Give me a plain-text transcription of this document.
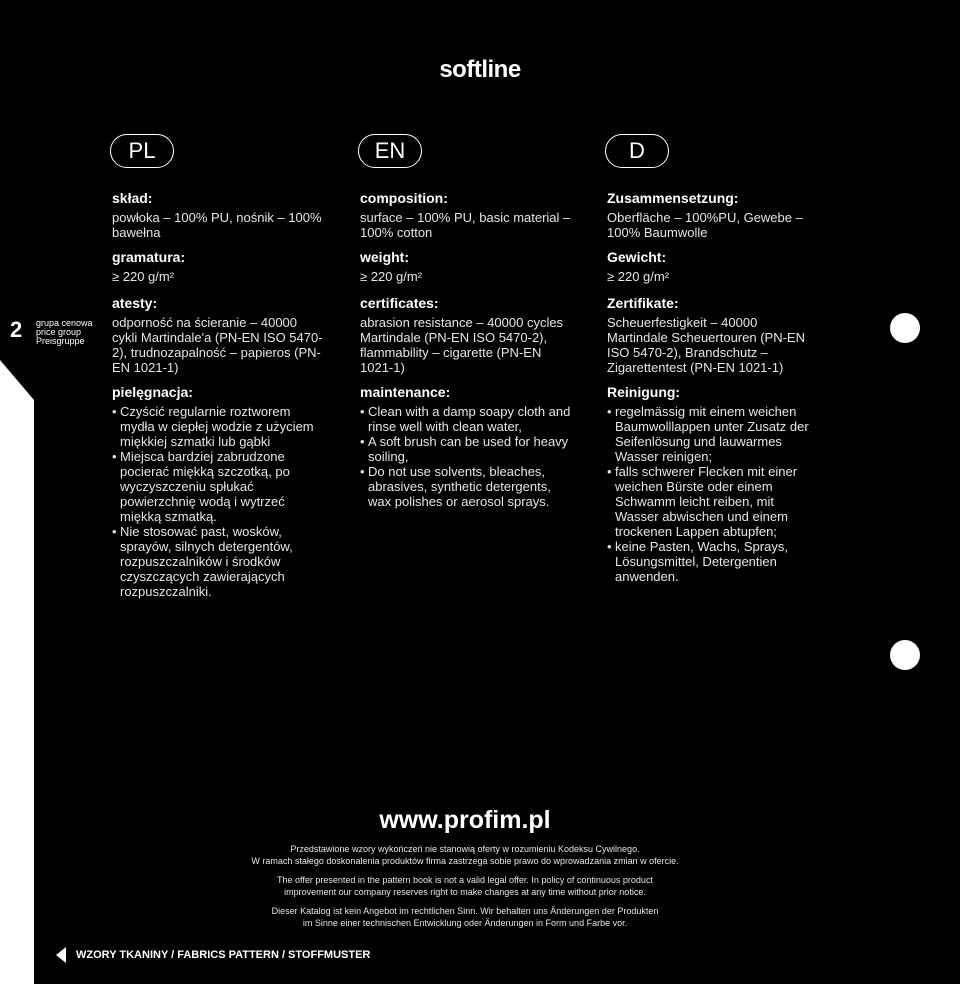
softline
2 grupa cenowa
price group
Preisgruppe
PL
skład:
powłoka – 100% PU, nośnik – 100% bawełna
gramatura:
≥ 220 g/m²
atesty:
odporność na ścieranie – 40000 cykli Martindale'a (PN-EN ISO 5470-2), trudnozapalność – papieros (PN-EN 1021-1)
pielęgnacja:
• Czyścić regularnie roztworem mydła w ciepłej wodzie z użyciem miękkiej szmatki lub gąbki
• Miejsca bardziej zabrudzone pocierać miękką szczotką, po wyczyszczeniu spłukać powierzchnię wodą i wytrzeć miękką szmatką.
• Nie stosować past, wosków, sprayów, silnych detergentów, rozpuszczalników i środków czyszczących zawierających rozpuszczalniki.
EN
composition:
surface – 100% PU, basic material – 100% cotton
weight:
≥ 220 g/m²
certificates:
abrasion resistance – 40000 cycles Martindale (PN-EN ISO 5470-2), flammability – cigarette (PN-EN 1021-1)
maintenance:
• Clean with a damp soapy cloth and rinse well with clean water,
• A soft brush can be used for heavy soiling,
• Do not use solvents, bleaches, abrasives, synthetic detergents, wax polishes or aerosol sprays.
D
Zusammensetzung:
Oberfläche – 100%PU, Gewebe – 100% Baumwolle
Gewicht:
≥ 220 g/m²
Zertifikate:
Scheuerfestigkeit – 40000 Martindale Scheuertouren (PN-EN ISO 5470-2), Brandschutz – Zigarettentest (PN-EN 1021-1)
Reinigung:
• regelmässig mit einem weichen Baumwolllappen unter Zusatz der Seifenlösung und lauwarmes Wasser reinigen;
• falls schwerer Flecken mit einer weichen Bürste oder einem Schwamm leicht reiben, mit Wasser abwischen und einem trockenen Lappen abtupfen;
• keine Pasten, Wachs, Sprays, Lösungsmittel, Detergentien anwenden.
www.profim.pl

Przedstawione wzory wykończeń nie stanowią oferty w rozumieniu Kodeksu Cywilnego.
W ramach stałego doskonalenia produktów firma zastrzega sobie prawo do wprowadzania zmian w ofercie.

The offer presented in the pattern book is not a valid legal offer. In policy of continuous product
improvement our company reserves right to make changes at any time without prior notice.

Dieser Katalog ist kein Angebot im rechtlichen Sinn. Wir behalten uns Änderungen der Produkten
im Sinne einer technischen Entwicklung oder Änderungen in Form und Farbe vor.

WZORY TKANINY / FABRICS PATTERN / STOFFMUSTER
